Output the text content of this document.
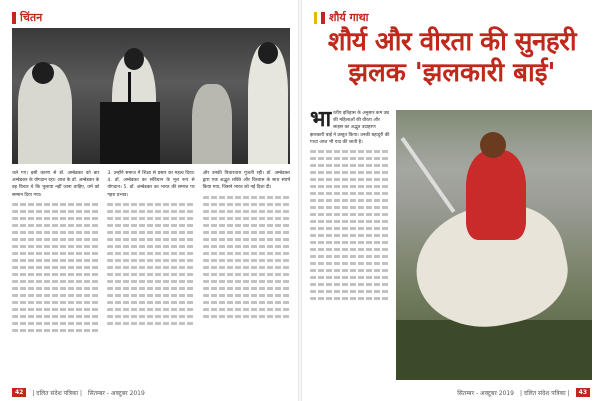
चिंतन

चले गए। इसी कारण से डॉ. अम्बेडकर को बार अम्बेडकर के योगदान रहा। आज के डॉ. अम्बेडकर के वह विचार थे कि भुलाया नहीं जाना चाहिए, धर्म को सम्मान दिया गया।

3. उन्होंने समाज में शिक्षा से प्रसार का महत्व दिया। 4. डॉ. अम्बेडकर का संविधान के मूल रूप से योगदान। 5. डॉ. अम्बेडकर का भारत की समाज पर गहरा प्रभाव।

और उनकी विचारधारा गूंजती रही। डॉ. अम्बेडकर द्वारा एक अद्भुत शक्ति और विश्वास के साथ संघर्ष किया गया, जिसने भारत को नई दिशा दी।

42	| दलित संदेश पत्रिका | सितम्बर - अक्टूबर 2019
शौर्य गाथा
शौर्य और वीरता की सुनहरी
झलक 'झलकारी बाई'
भा रतीय इतिहास के अनुसार कम उम्र की महिलाओं की वीरता और साहस का अद्भुत उदाहरण झलकारी बाई ने प्रस्तुत किया। उनकी बहादुरी की गाथा आज भी याद की जाती है।
सितम्बर - अक्टूबर 2019 | दलित संदेश पत्रिका |	43
